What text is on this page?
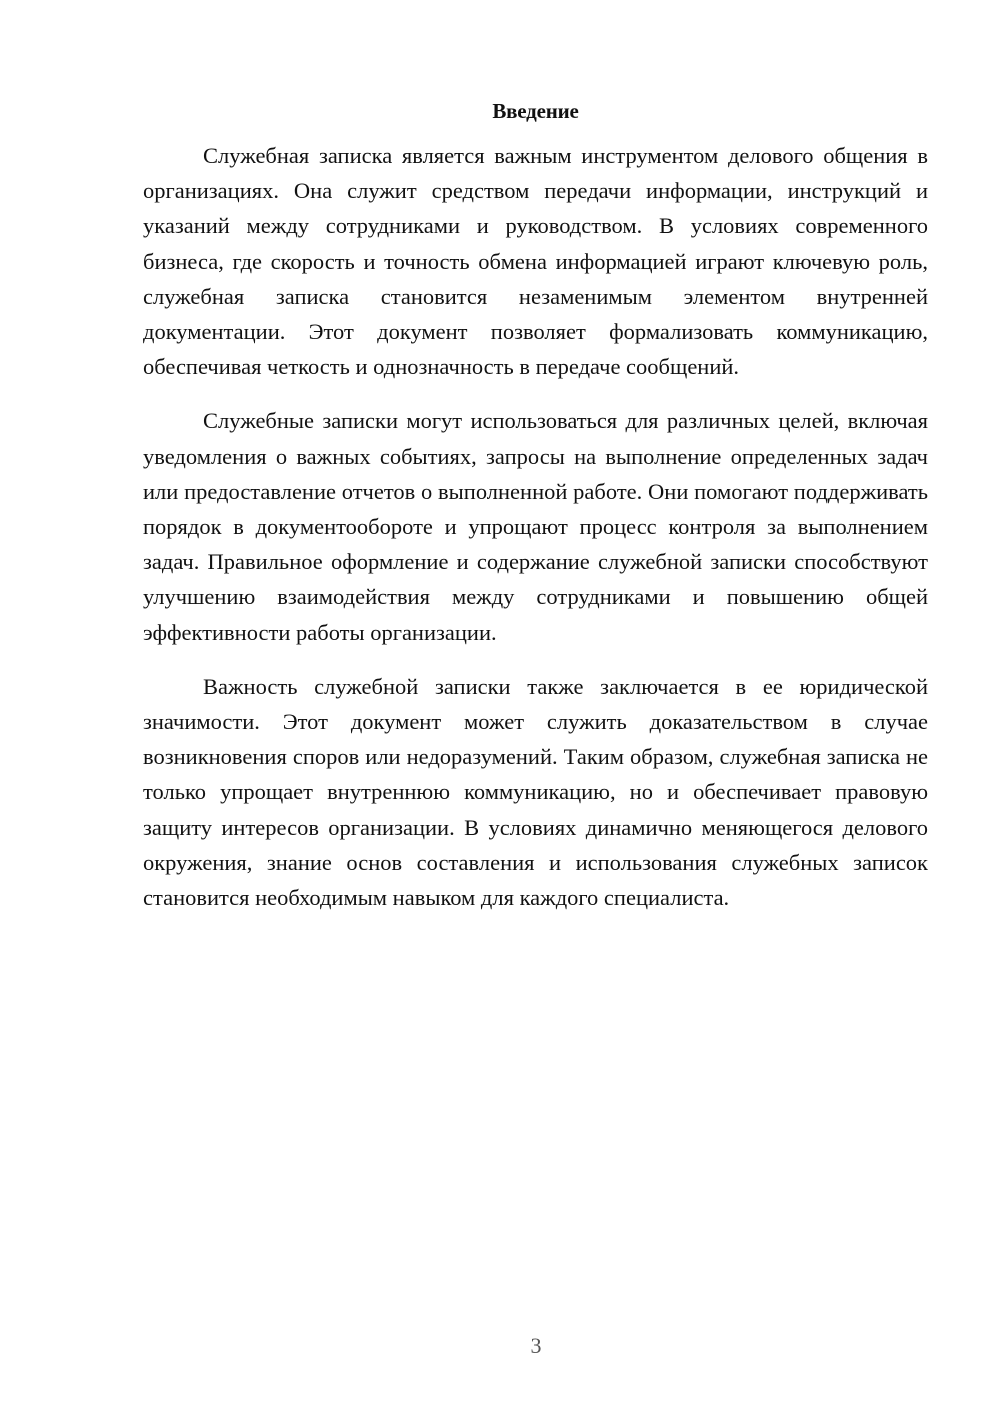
Введение

Служебная записка является важным инструментом делового общения в организациях. Она служит средством передачи информации, инструкций и указаний между сотрудниками и руководством. В условиях современного бизнеса, где скорость и точность обмена информацией играют ключевую роль, служебная записка становится незаменимым элементом внутренней документации. Этот документ позволяет формализовать коммуникацию, обеспечивая четкость и однозначность в передаче сообщений.

Служебные записки могут использоваться для различных целей, включая уведомления о важных событиях, запросы на выполнение определенных задач или предоставление отчетов о выполненной работе. Они помогают поддерживать порядок в документообороте и упрощают процесс контроля за выполнением задач. Правильное оформление и содержание служебной записки способствуют улучшению взаимодействия между сотрудниками и повышению общей эффективности работы организации.

Важность служебной записки также заключается в ее юридической значимости. Этот документ может служить доказательством в случае возникновения споров или недоразумений. Таким образом, служебная записка не только упрощает внутреннюю коммуникацию, но и обеспечивает правовую защиту интересов организации. В условиях динамично меняющегося делового окружения, знание основ составления и использования служебных записок становится необходимым навыком для каждого специалиста.

3
